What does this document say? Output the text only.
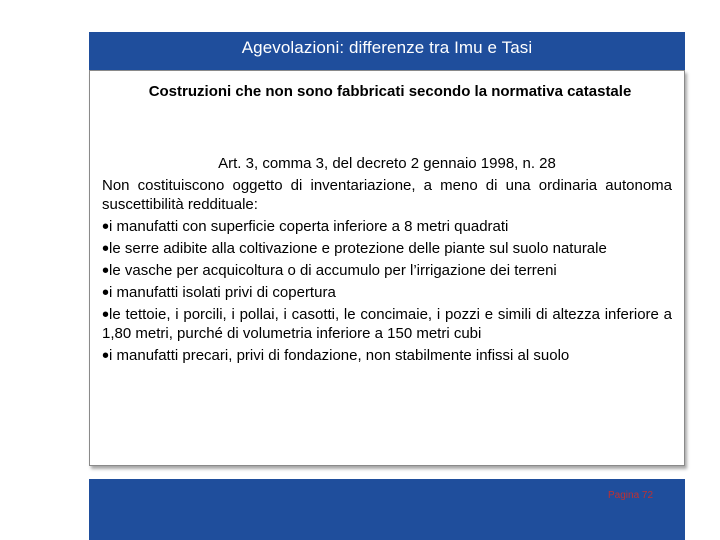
Agevolazioni: differenze tra Imu e Tasi
Costruzioni che non sono fabbricati secondo la normativa catastale

Art. 3, comma 3, del decreto 2 gennaio 1998, n. 28

Non costituiscono oggetto di inventariazione, a meno di una ordinaria autonoma suscettibilità reddituale:

•i manufatti con superficie coperta inferiore a 8 metri quadrati

•le serre adibite alla coltivazione e protezione delle piante sul suolo naturale

•le vasche per acquicoltura o di accumulo per l’irrigazione dei terreni

•i manufatti isolati privi di copertura

•le tettoie, i porcili, i pollai, i casotti, le concimaie, i pozzi e simili di altezza inferiore a 1,80 metri, purché di volumetria inferiore a 150 metri cubi

•i manufatti precari, privi di fondazione, non stabilmente infissi al suolo

Pagina 72
